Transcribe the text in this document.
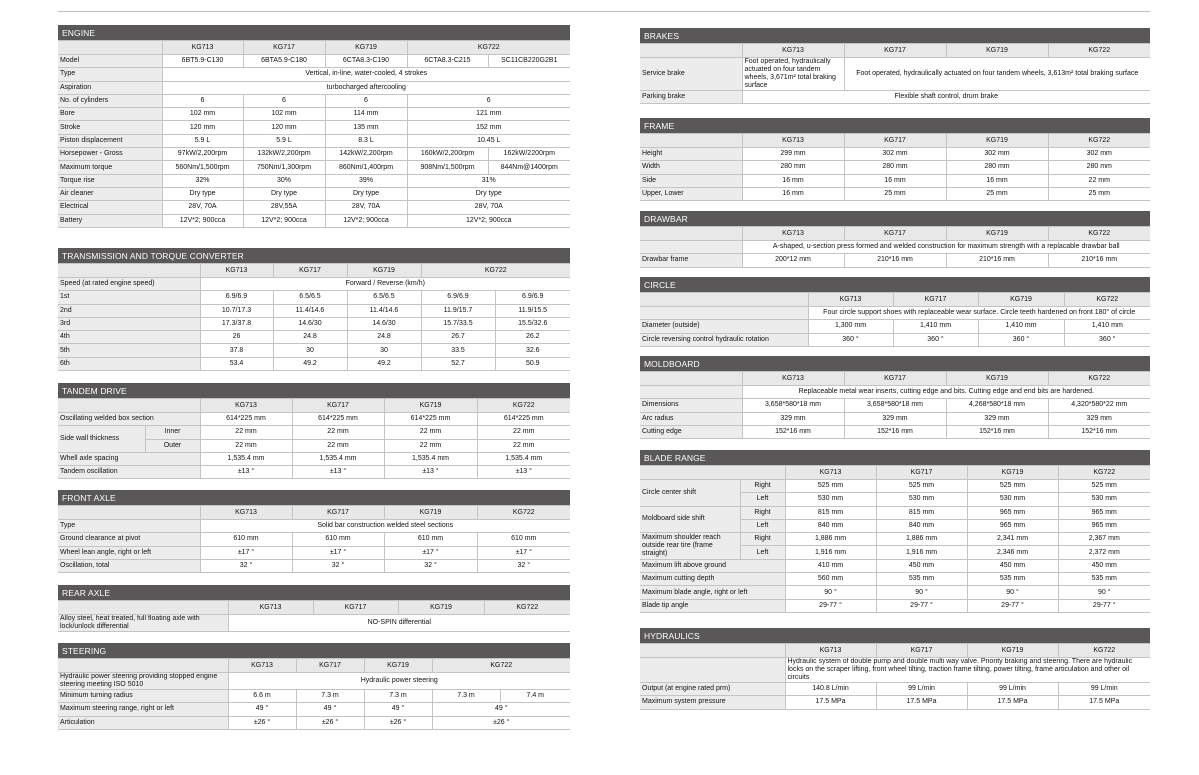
ENGINE
	KG713	KG717	KG719	KG722	
Model	6BT5.9-C130	6BTA5.9-C180	6CTA8.3-C190	6CTA8.3-C215	SC11CB220G2B1
Type	Vertical, in-line, water-cooled, 4 strokes				
Aspiration	turbocharged aftercooling				
No. of cylinders	6	6	6	6	
Bore	102 mm	102 mm	114 mm	121 mm	
Stroke	120 mm	120 mm	135 mm	152 mm	
Piston displacement	5.9 L	5.9 L	8.3 L	10.45 L	
Horsepower - Gross	97kW/2,200rpm	132kW/2,200rpm	142kW/2,200rpm	160kW/2,200rpm	162kW/2200rpm
Maximum torque	560Nm/1,500rpm	750Nm/1,300rpm	860Nm/1,400rpm	908Nm/1,500rpm	844Nm@1400rpm
Torque rise	32%	30%	39%	31%	
Air cleaner	Dry type	Dry type	Dry type	Dry type	
Electrical	28V, 70A	28V,55A	28V, 70A	28V, 70A	
Battery	12V*2; 900cca	12V*2; 900cca	12V*2; 900cca	12V*2; 900cca	
TRANSMISSION AND TORQUE CONVERTER
	KG713	KG717	KG719	KG722	
Speed (at rated engine speed)	Forward / Reverse (km/h)				
1st	6.9/6.9	6.5/6.5	6.5/6.5	6.9/6.9	6.9/6.9
2nd	10.7/17.3	11.4/14.6	11.4/14.6	11.9/15.7	11.9/15.5
3rd	17.3/37.8	14.6/30	14.6/30	15.7/33.5	15.5/32.6
4th	26	24.8	24.8	26.7	26.2
5th	37.8	30	30	33.5	32.6
6th	53.4	49.2	49.2	52.7	50.9
TANDEM DRIVE
		KG713	KG717	KG719	KG722
Oscillating welded box section		614*225 mm	614*225 mm	614*225 mm	614*225 mm
Side wall thickness	Inner	22 mm	22 mm	22 mm	22 mm
	Outer	22 mm	22 mm	22 mm	22 mm
Whell axle spacing		1,535.4 mm	1,535.4 mm	1,535.4 mm	1,535.4 mm
Tandem oscillation		±13 °	±13 °	±13 °	±13 °
FRONT AXLE
	KG713	KG717	KG719	KG722
Type	Solid bar construction welded steel sections			
Ground clearance at pivot	610 mm	610 mm	610 mm	610 mm
Wheel lean angle, right or left	±17 °	±17 °	±17 °	±17 °
Oscillation, total	32 °	32 °	32 °	32 °
REAR AXLE
	KG713	KG717	KG719	KG722
Alloy steel, heat treated, full floating axle with lock/unlock differential	NO-SPIN differential			
STEERING
	KG713	KG717	KG719	KG722	
Hydraulic power steering providing stopped engine steering meeting ISO 5010	Hydraulic power steering				
Minimum turning radius	6.6 m	7.3 m	7.3 m	7.3 m	7.4 m
Maximum steering range, right or left	49 °	49 °	49 °	49 °	
Articulation	±26 °	±26 °	±26 °	±26 °	
BRAKES
	KG713	KG717	KG719	KG722
Service brake	Foot operated, hydraulically actuated on four tandem wheels, 3,671m² total braking surface	Foot operated, hydraulically actuated on four tandem wheels, 3,613m² total braking surface		
Parking brake	Flexible shaft control, drum brake			
FRAME
	KG713	KG717	KG719	KG722
Height	299 mm	302 mm	302 mm	302 mm
Width	280 mm	280 mm	280 mm	280 mm
Side	16 mm	16 mm	16 mm	22 mm
Upper, Lower	16 mm	25 mm	25 mm	25 mm
DRAWBAR
	KG713	KG717	KG719	KG722
	A-shaped, u-section press formed and welded construction for maximum strength with a replacable drawbar ball			
Drawbar frame	200*12 mm	210*16 mm	210*16 mm	210*16 mm
CIRCLE
	KG713	KG717	KG719	KG722
	Four circle support shoes with replaceable wear surface. Circle teeth hardened on front 180° of circle			
Diameter (outside)	1,300 mm	1,410 mm	1,410 mm	1,410 mm
Circle reversing control hydraulic rotation	360 °	360 °	360 °	360 °
MOLDBOARD
	KG713	KG717	KG719	KG722
	Replaceable metal wear inserts, cutting edge and bits. Cutting edge and end bits are hardened.			
Dimensions	3,658*580*18 mm	3,658*580*18 mm	4,268*580*18 mm	4,320*580*22 mm
Arc radius	329 mm	329 mm	329 mm	329 mm
Cutting edge	152*16 mm	152*16 mm	152*16 mm	152*16 mm
BLADE RANGE
		KG713	KG717	KG719	KG722
Circle center shift	Right	525 mm	525 mm	525 mm	525 mm
	Left	530 mm	530 mm	530 mm	530 mm
Moldboard side shift	Right	815 mm	815 mm	965 mm	965 mm
	Left	840 mm	840 mm	965 mm	965 mm
Maximum shoulder reach outside rear tire (frame straight)	Right	1,886 mm	1,886 mm	2,341 mm	2,367 mm
	Left	1,916 mm	1,916 mm	2,346 mm	2,372 mm
Maximum lift above ground		410 mm	450 mm	450 mm	450 mm
Maximum cutting depth		560 mm	535 mm	535 mm	535 mm
Maximum blade angle, right or left		90 °	90 °	90 °	90 °
Blade tip angle		29-77 °	29-77 °	29-77 °	29-77 °
HYDRAULICS
	KG713	KG717	KG719	KG722
	Hydraulic system of double pump and double multi way valve. Priority braking and steering. There are hydraulic locks on the scraper lifting, front wheel tilting, traction frame tilting, power tilting, frame articulation and other oil circuits			
Output (at engine rated prm)	140.8 L/min	99 L/min	99 L/min	99 L/min
Maximum system pressure	17.5 MPa	17.5 MPa	17.5 MPa	17.5 MPa
